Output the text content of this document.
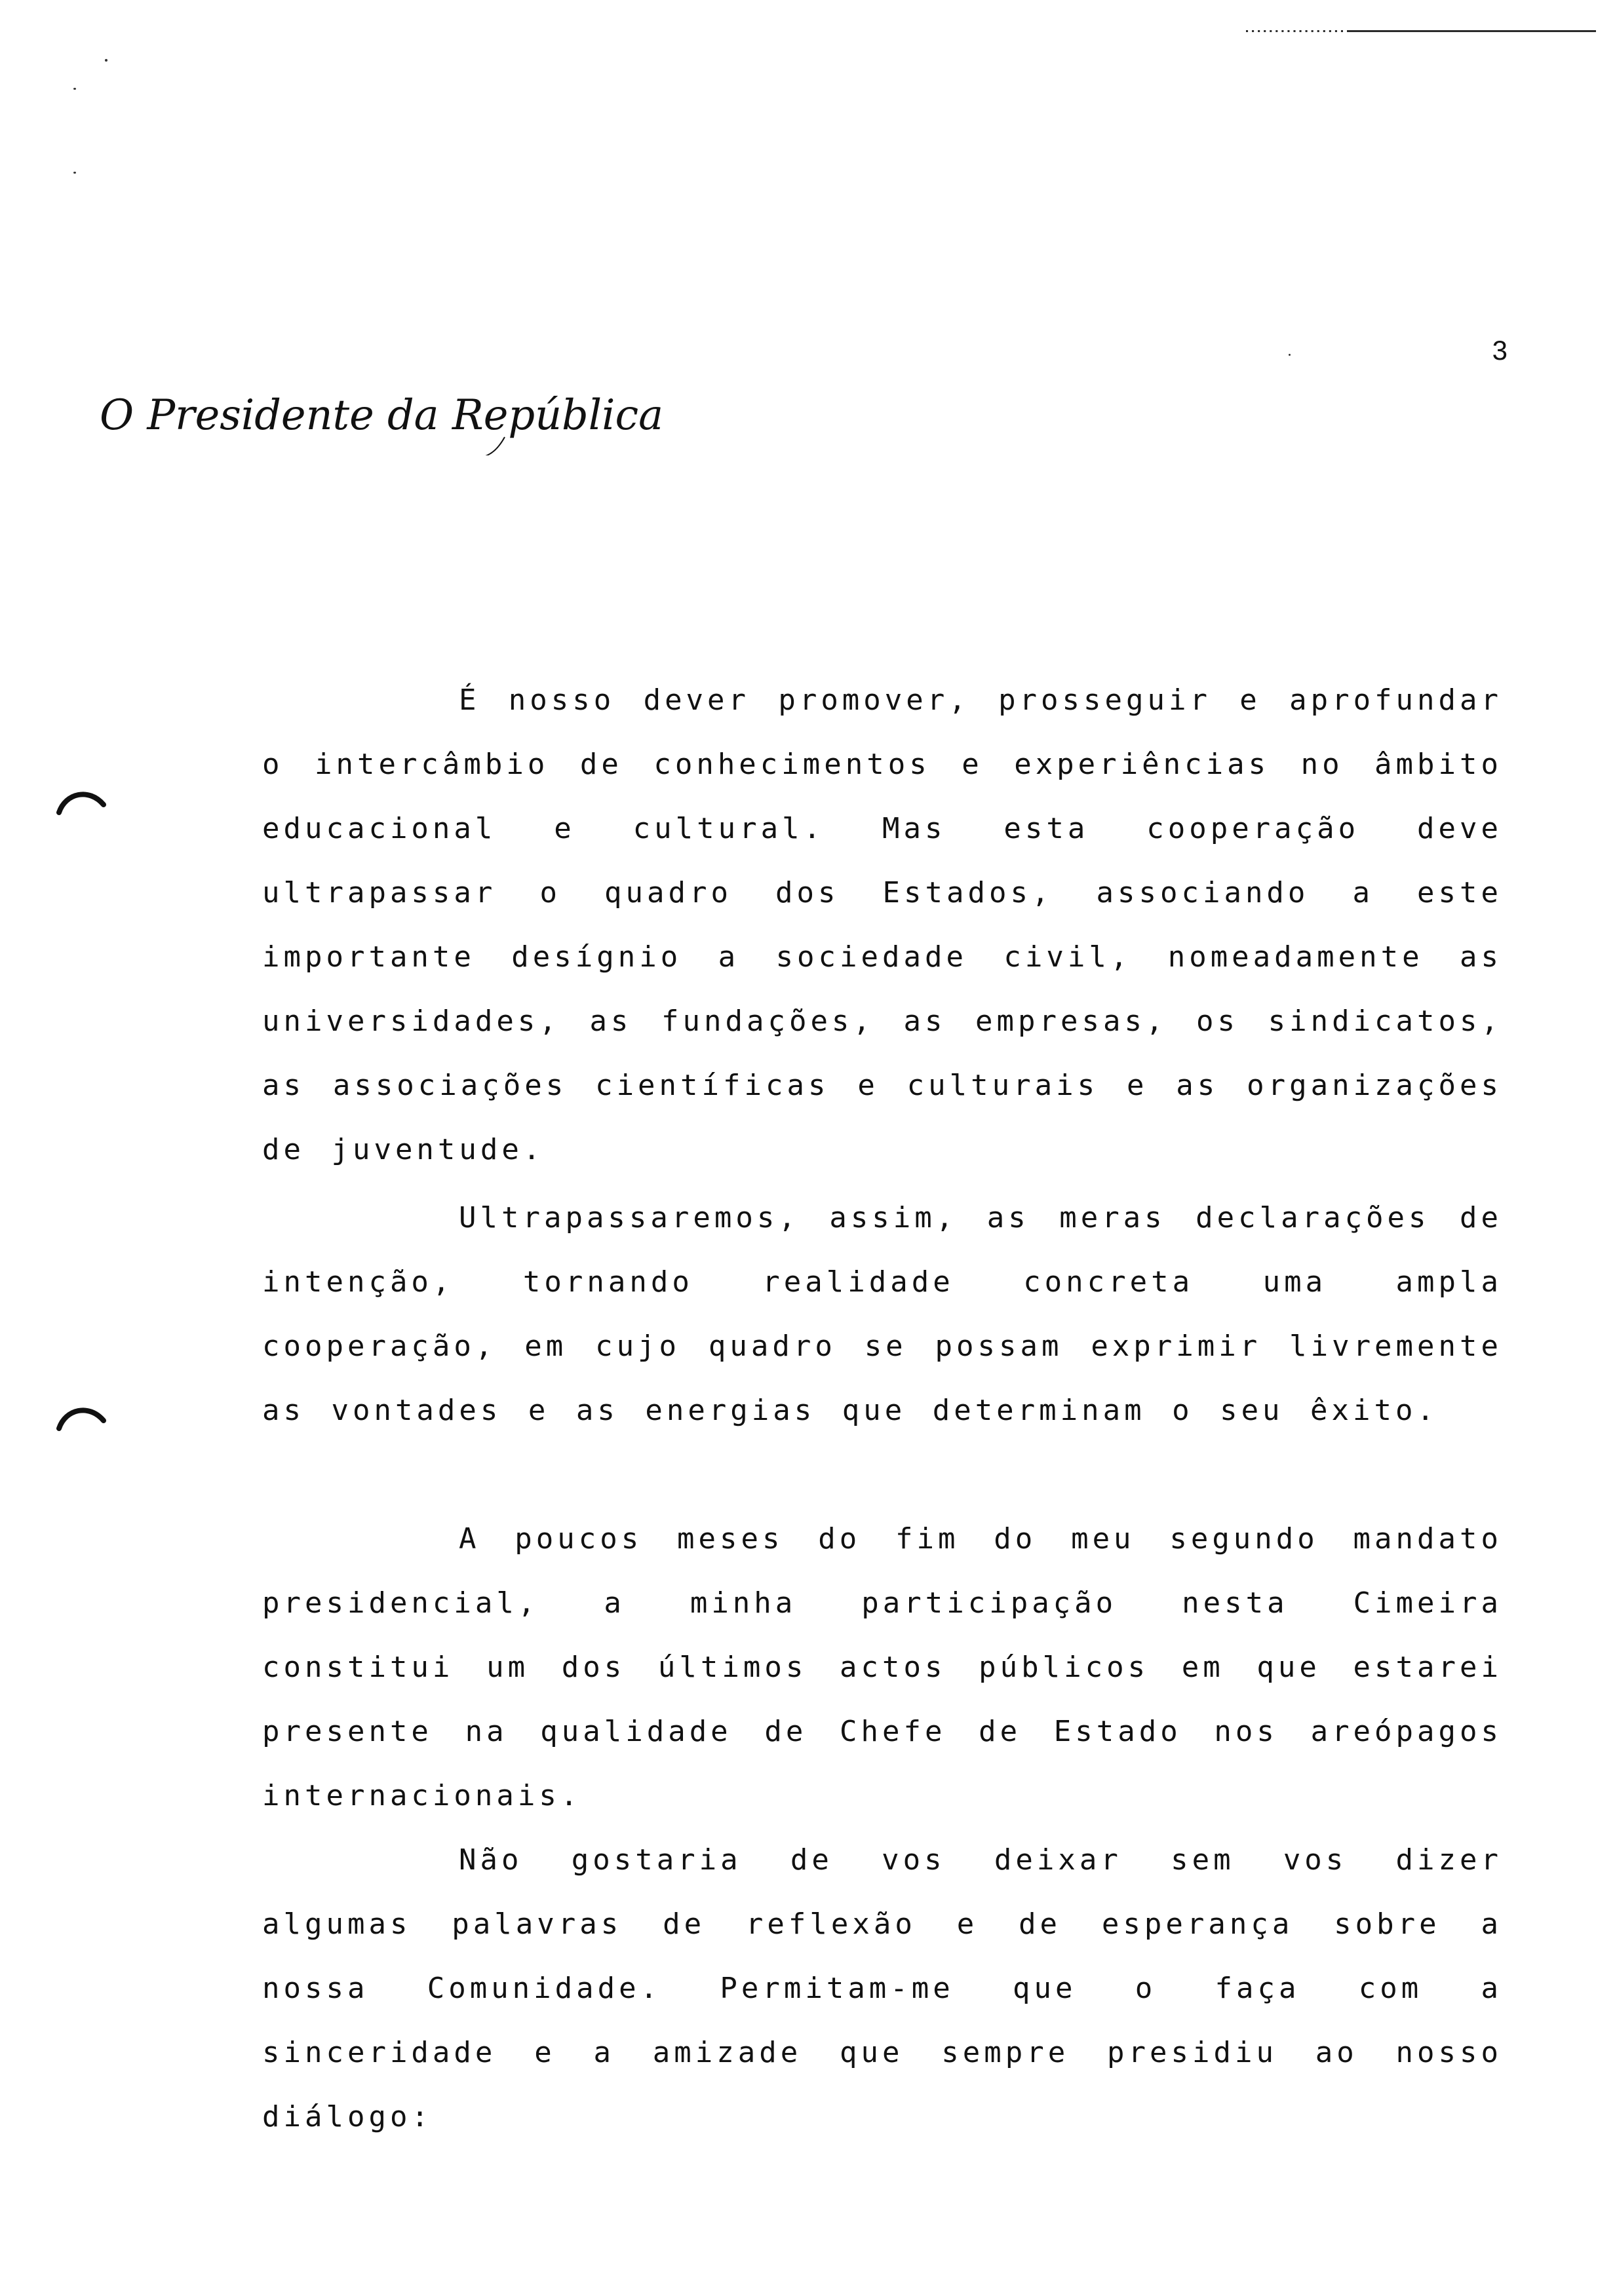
3
O Presidente da República
É nosso dever promover, prosseguir e aprofundar o intercâmbio de conhecimentos e experiências no âmbito educacional e cultural. Mas esta cooperação deve ultrapassar o quadro dos Estados, associando a este importante desígnio a sociedade civil, nomeadamente as universidades, as fundações, as empresas, os sindicatos, as associações científicas e culturais e as organizações de juventude.
Ultrapassaremos, assim, as meras declarações de intenção, tornando realidade concreta uma ampla cooperação, em cujo quadro se possam exprimir livremente as vontades e as energias que determinam o seu êxito.
A poucos meses do fim do meu segundo mandato presidencial, a minha participação nesta Cimeira constitui um dos últimos actos públicos em que estarei presente na qualidade de Chefe de Estado nos areópagos internacionais.
Não gostaria de vos deixar sem vos dizer algumas palavras de reflexão e de esperança sobre a nossa Comunidade. Permitam-me que o faça com a sinceridade e a amizade que sempre presidiu ao nosso diálogo:
